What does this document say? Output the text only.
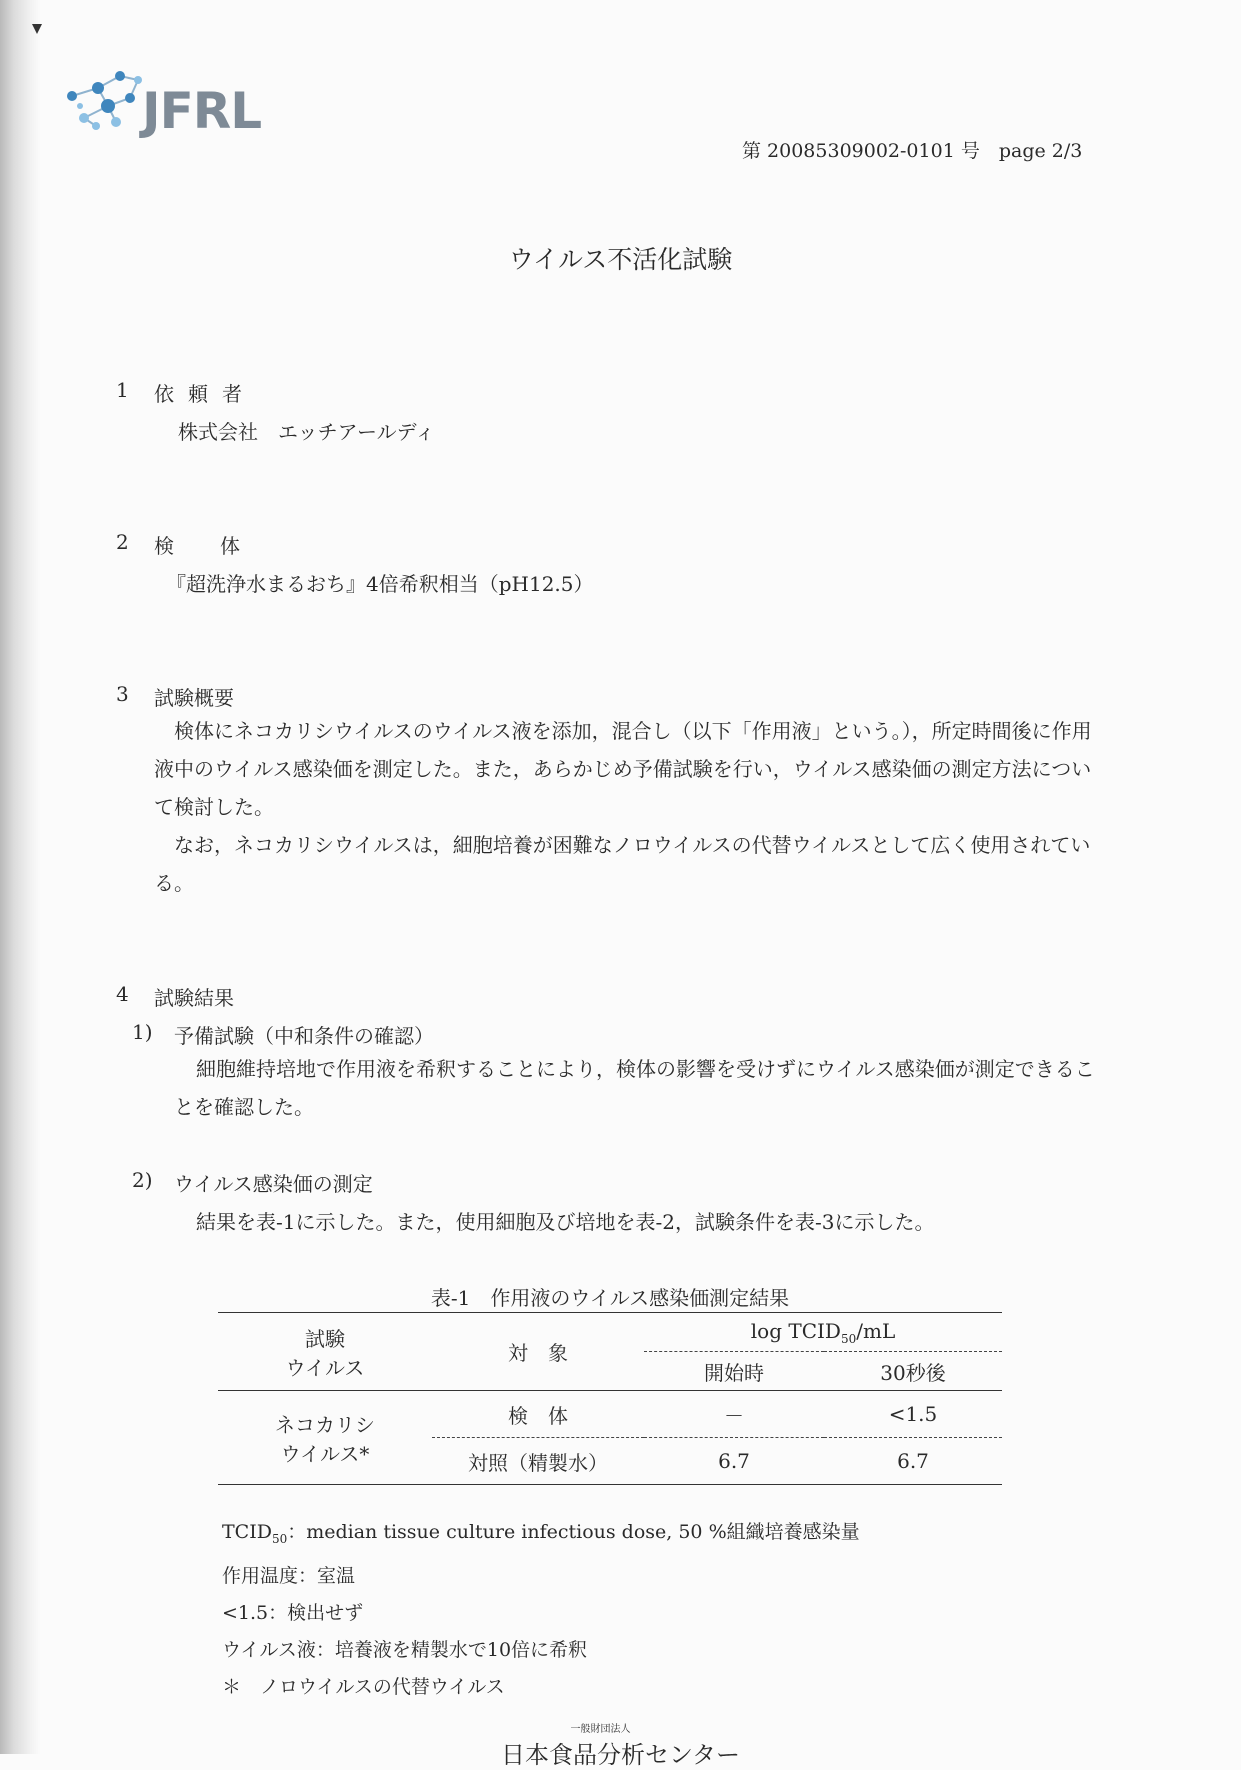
JFRL
第 20085309002-0101 号　page 2/3
ウイルス不活化試験
1 依頼者
株式会社　エッチアールディ
2 検体
『超洗浄水まるおち』4倍希釈相当（pH12.5）
3 試験概要

検体にネコカリシウイルスのウイルス液を添加，混合し（以下「作用液」という。），所定時間後に作用液中のウイルス感染価を測定した。また，あらかじめ予備試験を行い，ウイルス感染価の測定方法について検討した。

なお，ネコカリシウイルスは，細胞培養が困難なノロウイルスの代替ウイルスとして広く使用されている。

4 試験結果
1) 予備試験（中和条件の確認）

細胞維持培地で作用液を希釈することにより，検体の影響を受けずにウイルス感染価が測定できることを確認した。

2) ウイルス感染価の測定
結果を表-1に示した。また，使用細胞及び培地を表-2，試験条件を表-3に示した。
表-1　作用液のウイルス感染価測定結果
試験
ウイルス	対　象	$\log TCID_{50}/mL$	
		開始時	30秒後

ネコカリシ
ウイルス*	検　体	－	<1.5
	対照（精製水）	6.7	6.7
$TCID_{50}$：median tissue culture infectious dose, 50 %組織培養感染量
作用温度：室温
<1.5：検出せず
ウイルス液：培養液を精製水で10倍に希釈
＊　ノロウイルスの代替ウイルス
一般財団法人
日本食品分析センター
